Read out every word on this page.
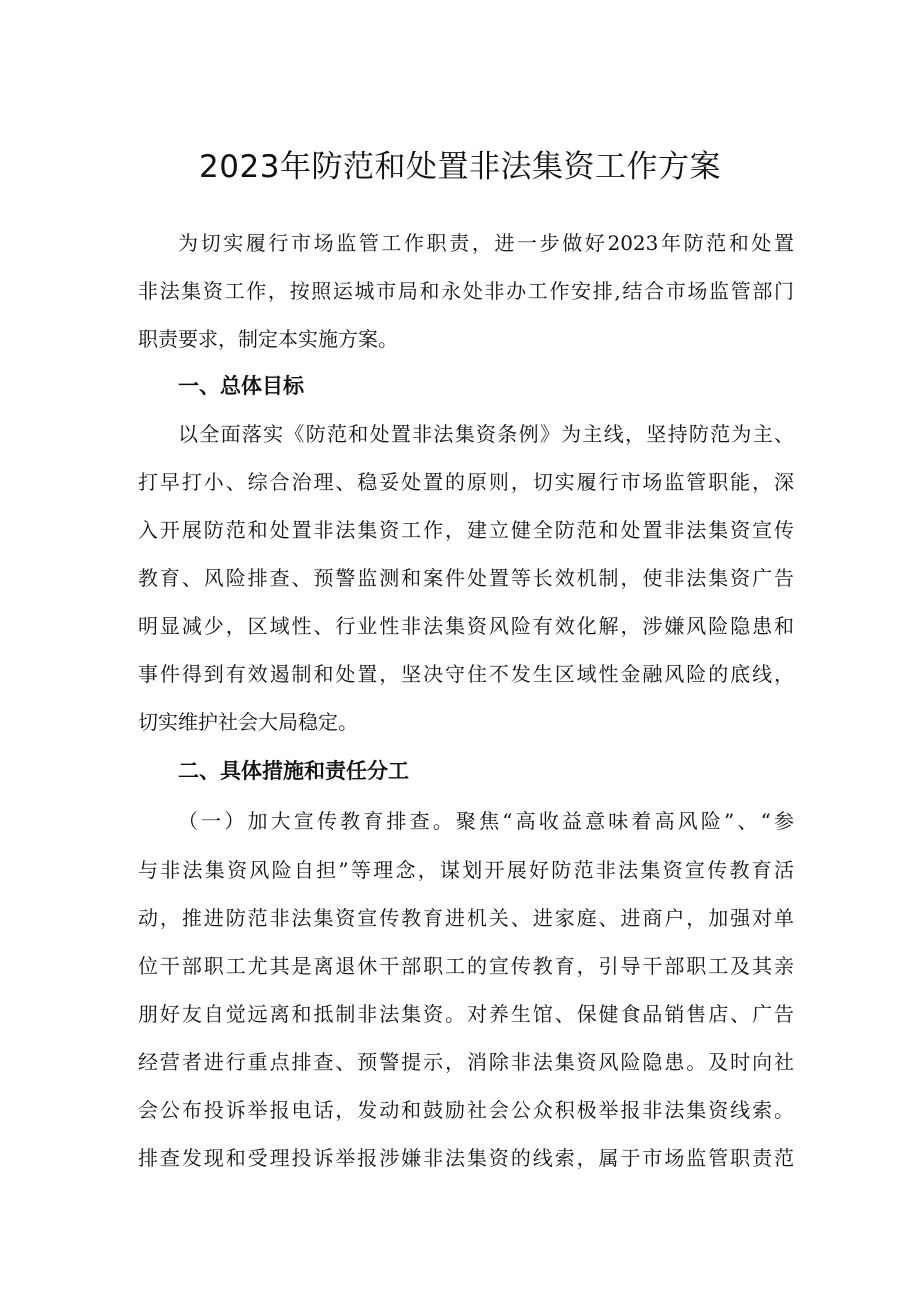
2023年防范和处置非法集资工作方案
为切实履行市场监管工作职责，进一步做好2023年防范和处置
非法集资工作，按照运城市局和永处非办工作安排,结合市场监管部门
职责要求，制定本实施方案。
一、总体目标
以全面落实《防范和处置非法集资条例》为主线，坚持防范为主、
打早打小、综合治理、稳妥处置的原则，切实履行市场监管职能，深
入开展防范和处置非法集资工作，建立健全防范和处置非法集资宣传
教育、风险排查、预警监测和案件处置等长效机制，使非法集资广告
明显减少，区域性、行业性非法集资风险有效化解，涉嫌风险隐患和
事件得到有效遏制和处置，坚决守住不发生区域性金融风险的底线，
切实维护社会大局稳定。
二、具体措施和责任分工
（一）加大宣传教育排查。聚焦“高收益意味着高风险”、“参
与非法集资风险自担”等理念，谋划开展好防范非法集资宣传教育活
动，推进防范非法集资宣传教育进机关、进家庭、进商户，加强对单
位干部职工尤其是离退休干部职工的宣传教育，引导干部职工及其亲
朋好友自觉远离和抵制非法集资。对养生馆、保健食品销售店、广告
经营者进行重点排查、预警提示，消除非法集资风险隐患。及时向社
会公布投诉举报电话，发动和鼓励社会公众积极举报非法集资线索。
排查发现和受理投诉举报涉嫌非法集资的线索，属于市场监管职责范
